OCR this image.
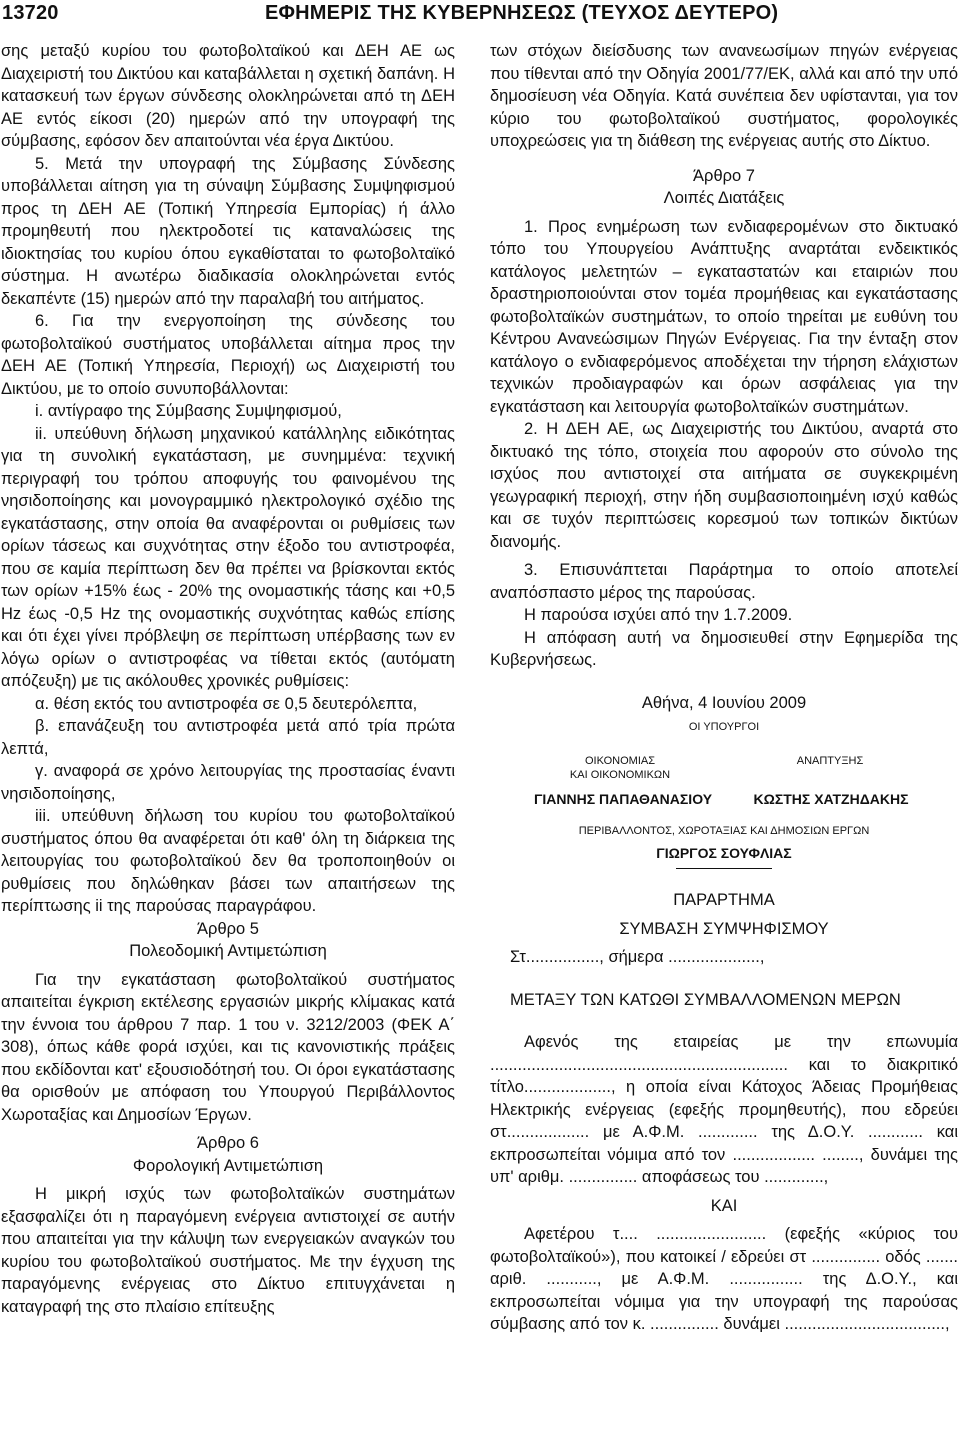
13720	ΕΦΗΜΕΡΙΣ ΤΗΣ ΚΥΒΕΡΝΗΣΕΩΣ (ΤΕΥΧΟΣ ΔΕΥΤΕΡΟ)

σης μεταξύ κυρίου του φωτοβολταϊκού και ΔΕΗ ΑΕ ως Διαχειριστή του Δικτύου και καταβάλλεται η σχετική δαπάνη. Η κατασκευή των έργων σύνδεσης ολοκληρώνεται από τη ΔΕΗ ΑΕ εντός είκοσι (20) ημερών από την υπογραφή της σύμβασης, εφόσον δεν απαιτούνται νέα έργα Δικτύου.

5. Μετά την υπογραφή της Σύμβασης Σύνδεσης υποβάλλεται αίτηση για τη σύναψη Σύμβασης Συμψηφισμού προς τη ΔΕΗ ΑΕ (Τοπική Υπηρεσία Εμπορίας) ή άλλο προμηθευτή που ηλεκτροδοτεί τις καταναλώσεις της ιδιοκτησίας του κυρίου όπου εγκαθίσταται το φωτοβολταϊκό σύστημα. Η ανωτέρω διαδικασία ολοκληρώνεται εντός δεκαπέντε (15) ημερών από την παραλαβή του αιτήματος.

6. Για την ενεργοποίηση της σύνδεσης του φωτοβολταϊκού συστήματος υποβάλλεται αίτημα προς την ΔΕΗ ΑΕ (Τοπική Υπηρεσία, Περιοχή) ως Διαχειριστή του Δικτύου, με το οποίο συνυποβάλλονται:

i. αντίγραφο της Σύμβασης Συμψηφισμού,

ii. υπεύθυνη δήλωση μηχανικού κατάλληλης ειδικότητας για τη συνολική εγκατάσταση, με συνημμένα: τεχνική περιγραφή του τρόπου αποφυγής του φαινομένου της νησιδοποίησης και μονογραμμικό ηλεκτρολογικό σχέδιο της εγκατάστασης, στην οποία θα αναφέρονται οι ρυθμίσεις των ορίων τάσεως και συχνότητας στην έξοδο του αντιστροφέα, που σε καμία περίπτωση δεν θα πρέπει να βρίσκονται εκτός των ορίων +15% έως - 20% της ονομαστικής τάσης και +0,5 Hz έως -0,5 Hz της ονομαστικής συχνότητας καθώς επίσης και ότι έχει γίνει πρόβλεψη σε περίπτωση υπέρβασης των εν λόγω ορίων ο αντιστροφέας να τίθεται εκτός (αυτόματη απόζευξη) με τις ακόλουθες χρονικές ρυθμίσεις:

α. θέση εκτός του αντιστροφέα σε 0,5 δευτερόλεπτα,

β. επανάζευξη του αντιστροφέα μετά από τρία πρώτα λεπτά,

γ. αναφορά σε χρόνο λειτουργίας της προστασίας έναντι νησιδοποίησης,

iii. υπεύθυνη δήλωση του κυρίου του φωτοβολταϊκού συστήματος όπου θα αναφέρεται ότι καθ' όλη τη διάρκεια της λειτουργίας του φωτοβολταϊκού δεν θα τροποποιηθούν οι ρυθμίσεις που δηλώθηκαν βάσει των απαιτήσεων της περίπτωσης ii της παρούσας παραγράφου.

Άρθρο 5

Πολεοδομική Αντιμετώπιση

Για την εγκατάσταση φωτοβολταϊκού συστήματος απαιτείται έγκριση εκτέλεσης εργασιών μικρής κλίμακας κατά την έννοια του άρθρου 7 παρ. 1 του ν. 3212/2003 (ΦΕΚ Α΄ 308), όπως κάθε φορά ισχύει, και τις κανονιστικής πράξεις που εκδίδονται κατ' εξουσιοδότησή του. Οι όροι εγκατάστασης θα ορισθούν με απόφαση του Υπουργού Περιβάλλοντος Χωροταξίας και Δημοσίων Έργων.

Άρθρο 6

Φορολογική Αντιμετώπιση

Η μικρή ισχύς των φωτοβολταϊκών συστημάτων εξασφαλίζει ότι η παραγόμενη ενέργεια αντιστοιχεί σε αυτήν που απαιτείται για την κάλυψη των ενεργειακών αναγκών του κυρίου του φωτοβολταϊκού συστήματος. Με την έγχυση της παραγόμενης ενέργειας στο Δίκτυο επιτυγχάνεται η καταγραφή της στο πλαίσιο επίτευξης

των στόχων διείσδυσης των ανανεωσίμων πηγών ενέργειας που τίθενται από την Οδηγία 2001/77/ΕΚ, αλλά και από την υπό δημοσίευση νέα Οδηγία. Κατά συνέπεια δεν υφίστανται, για τον κύριο του φωτοβολταϊκού συστήματος, φορολογικές υποχρεώσεις για τη διάθεση της ενέργειας αυτής στο Δίκτυο.

Άρθρο 7

Λοιπές Διατάξεις

1. Προς ενημέρωση των ενδιαφερομένων στο δικτυακό τόπο του Υπουργείου Ανάπτυξης αναρτάται ενδεικτικός κατάλογος μελετητών – εγκαταστατών και εταιριών που δραστηριοποιούνται στον τομέα προμήθειας και εγκατάστασης φωτοβολταϊκών συστημάτων, το οποίο τηρείται με ευθύνη του Κέντρου Ανανεώσιμων Πηγών Ενέργειας. Για την ένταξη στον κατάλογο ο ενδιαφερόμενος αποδέχεται την τήρηση ελάχιστων τεχνικών προδιαγραφών και όρων ασφάλειας για την εγκατάσταση και λειτουργία φωτοβολταϊκών συστημάτων.

2. Η ΔΕΗ ΑΕ, ως Διαχειριστής του Δικτύου, αναρτά στο δικτυακό της τόπο, στοιχεία που αφορούν στο σύνολο της ισχύος που αντιστοιχεί στα αιτήματα σε συγκεκριμένη γεωγραφική περιοχή, στην ήδη συμβασιοποιημένη ισχύ καθώς και σε τυχόν περιπτώσεις κορεσμού των τοπικών δικτύων διανομής.

3. Επισυνάπτεται Παράρτημα το οποίο αποτελεί αναπόσπαστο μέρος της παρούσας.

Η παρούσα ισχύει από την 1.7.2009.

Η απόφαση αυτή να δημοσιευθεί στην Εφημερίδα της Κυβερνήσεως.

Αθήνα, 4 Ιουνίου 2009

ΟΙ ΥΠΟΥΡΓΟΙ

ΟΙΚΟΝΟΜΙΑΣ
ΚΑΙ ΟΙΚΟΝΟΜΙΚΩΝ
ΑΝΑΠΤΥΞΗΣ
ΓΙΑΝΝΗΣ ΠΑΠΑΘΑΝΑΣΙΟΥ	ΚΩΣΤΗΣ ΧΑΤΖΗΔΑΚΗΣ

ΠΕΡΙΒΑΛΛΟΝΤΟΣ, ΧΩΡΟΤΑΞΙΑΣ ΚΑΙ ΔΗΜΟΣΙΩΝ ΕΡΓΩΝ

ΓΙΩΡΓΟΣ ΣΟΥΦΛΙΑΣ

ΠΑΡΑΡΤΗΜΑ

ΣΥΜΒΑΣΗ ΣΥΜΨΗΦΙΣΜΟΥ

Στ................, σήμερα ....................,

ΜΕΤΑΞΥ ΤΩΝ ΚΑΤΩΘΙ ΣΥΜΒΑΛΛΟΜΕΝΩΝ ΜΕΡΩΝ

Αφενός της εταιρείας με την επωνυμία ................................................................. και το διακριτικό τίτλο..................., η οποία είναι Κάτοχος Άδειας Προμήθειας Ηλεκτρικής ενέργειας (εφεξής προμηθευτής), που εδρεύει στ.................. με Α.Φ.Μ. ............. της Δ.Ο.Υ. ............ και εκπροσωπείται νόμιμα από τον .................. ........, δυνάμει της υπ' αριθμ. ............... αποφάσεως του .............,

ΚΑΙ

Αφετέρου τ.... ........................ (εφεξής «κύριος του φωτοβολταϊκού»), που κατοικεί / εδρεύει στ ............... οδός ....... αριθ. ..........., με Α.Φ.Μ. ................ της Δ.Ο.Υ., και εκπροσωπείται νόμιμα για την υπογραφή της παρούσας σύμβασης από τον κ. ............... δυνάμει ...................................,
